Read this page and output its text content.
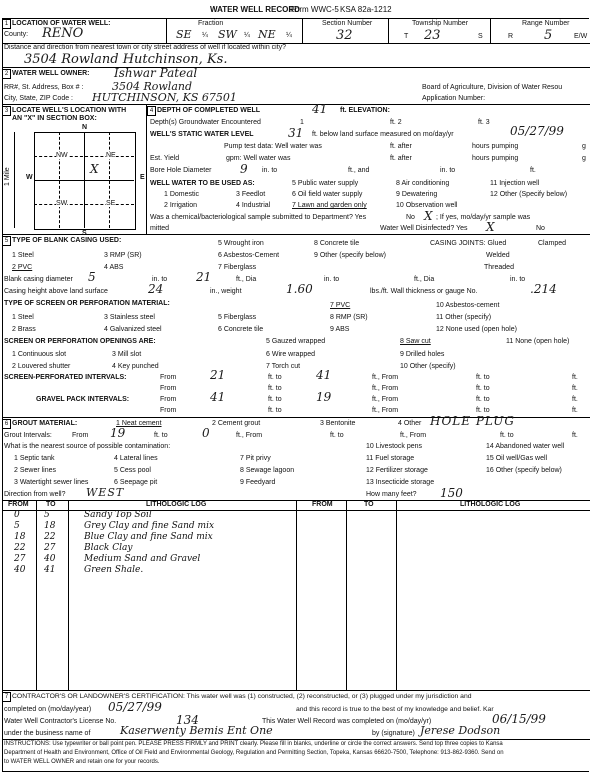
WATER WELL RECORD
Form WWC-5 KSA 82a-1212
1 LOCATION OF WATER WELL:
County: RENO
Fraction
SE ¼ SW ¼ NE ¼
Section Number
32
Township Number
T 23	S
Range Number
R 5	E/W
Distance and direction from nearest town or city street address of well if located within city?
3504 Rowland Hutchinson, Ks.
2 WATER WELL OWNER: Ishwar Pateal
RR#, St. Address, Box # :	3504 Rowland
City, State, ZIP Code : HUTCHINSON, KS 67501
Board of Agriculture, Division of Water Resou
Application Number:
3 LOCATE WELL'S LOCATION WITH
AN "X" IN SECTION BOX:
N
E
W
NW	NE
SW	SE
X
1 Mile
4 DEPTH OF COMPLETED WELL	41 ft. ELEVATION:
Depth(s) Groundwater Encountered	1	ft. 2	ft. 3
WELL'S STATIC WATER LEVEL	31 ft. below land surface measured on mo/day/yr	05/27/99
Pump test data: Well water was	ft. after	hours pumping	g
Est. Yield	gpm: Well water was	ft. after	hours pumping	g
Bore Hole Diameter 9 in. to	ft., and	in. to	ft.
WELL WATER TO BE USED AS:
1 Domestic
2 Irrigation
3 Feedlot
4 Industrial
5 Public water supply
6 Oil field water supply
7 Lawn and garden only
8 Air conditioning
9 Dewatering
10 Observation well
11 Injection well
12 Other (Specify below)
Was a chemical/bacteriological sample submitted to Department? Yes	No X ; If yes, mo/day/yr sample was
mitted	Water Well Disinfected? Yes X	No
5 TYPE OF BLANK CASING USED:
1 Steel
2 PVC
3 RMP (SR)
4 ABS
5 Wrought iron
6 Asbestos-Cement
7 Fiberglass
8 Concrete tile
9 Other (specify below)
CASING JOINTS: Glued	Clamped
Welded
Threaded
Blank casing diameter 5	in. to 21	ft., Dia	in. to	ft., Dia	in. to
Casing height above land surface	24	in., weight	1.60	lbs./ft. Wall thickness or gauge No.	.214
TYPE OF SCREEN OR PERFORATION MATERIAL:
1 Steel
2 Brass
3 Stainless steel
4 Galvanized steel
5 Fiberglass
6 Concrete tile
7 PVC
8 RMP (SR)
9 ABS
10 Asbestos-cement
11 Other (specify)
12 None used (open hole)
SCREEN OR PERFORATION OPENINGS ARE:
1 Continuous slot
2 Louvered shutter
3 Mill slot
4 Key punched
5 Gauzed wrapped
6 Wire wrapped
7 Torch cut
8 Saw cut
9 Drilled holes
10 Other (specify)
11 None (open hole)
SCREEN-PERFORATED INTERVALS:	From	21	ft. to	41	ft., From	ft. to	ft.
From	ft. to	ft., From	ft. to	ft.
GRAVEL PACK INTERVALS:	From	41	ft. to	19	ft., From	ft. to	ft.
From	ft. to	ft., From	ft. to	ft.
6 GROUT MATERIAL:	1 Neat cement	2 Cement grout	3 Bentonite	4 Other HOLE PLUG
Grout Intervals:	From 19	ft. to	0	ft., From	ft. to	ft., From	ft. to	ft.
What is the nearest source of possible contamination:
1 Septic tank
2 Sewer lines
3 Watertight sewer lines
4 Lateral lines
5 Cess pool
6 Seepage pit
7 Pit privy
8 Sewage lagoon
9 Feedyard
10 Livestock pens
11 Fuel storage
12 Fertilizer storage
13 Insecticide storage
14 Abandoned water well
15 Oil well/Gas well
16 Other (specify below)
Direction from well? WEST	How many feet? 150
FROM TO	LITHOLOGIC LOG	FROM	TO	LITHOLOGIC LOG
0	5	Sandy Top Soil
5	18	Grey Clay and fine Sand mix
18 22	Blue Clay and fine Sand mix
22 27	Black Clay
27 40	Medium Sand and Gravel
40 41	Green Shale.
7 CONTRACTOR'S OR LANDOWNER'S CERTIFICATION: This water well was (1) constructed, (2) reconstructed, or (3) plugged under my jurisdiction and
completed on (mo/day/year) 05/27/99	and this record is true to the best of my knowledge and belief. Kar
Water Well Contractor's License No.	134	This Water Well Record was completed on (mo/day/yr)	06/15/99
under the business name of	Kaserwenty Bemis Ent One	by (signature) Jerese Dodson
INSTRUCTIONS: Use typewriter or ball point pen. PLEASE PRESS FIRMLY and PRINT clearly. Please fill in blanks, underline or circle the correct answers. Send top three copies to Kansa
Department of Health and Environment, Office of Oil Field and Environmental Geology, Regulation and Permitting Section, Topeka, Kansas 66620-7500, Telephone: 913-862-9360. Send on
to WATER WELL OWNER and retain one for your records.
